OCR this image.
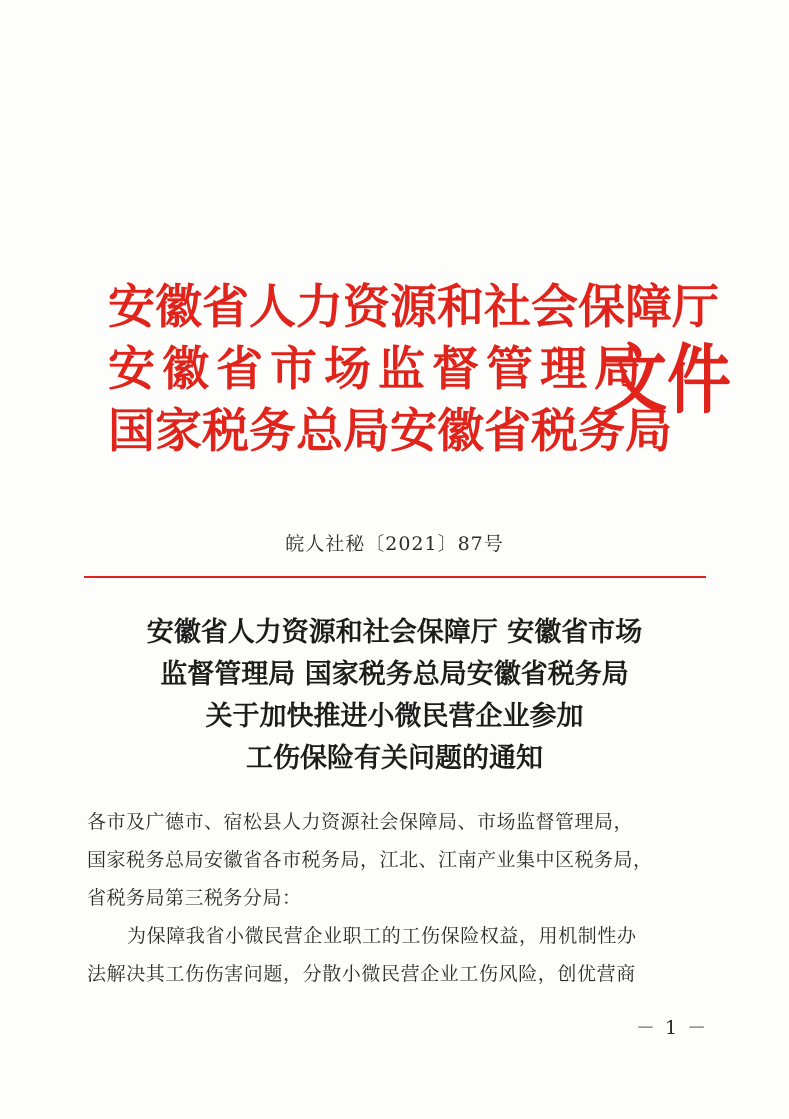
安徽省人力资源和社会保障厅
安徽省市场监督管理局
国家税务总局安徽省税务局
文件
皖人社秘〔2021〕87号
安徽省人力资源和社会保障厅 安徽省市场
监督管理局 国家税务总局安徽省税务局
关于加快推进小微民营企业参加
工伤保险有关问题的通知
各市及广德市、宿松县人力资源社会保障局、市场监督管理局，
国家税务总局安徽省各市税务局，江北、江南产业集中区税务局，
省税务局第三税务分局：
为保障我省小微民营企业职工的工伤保险权益，用机制性办
法解决其工伤伤害问题，分散小微民营企业工伤风险，创优营商
－ 1 －
